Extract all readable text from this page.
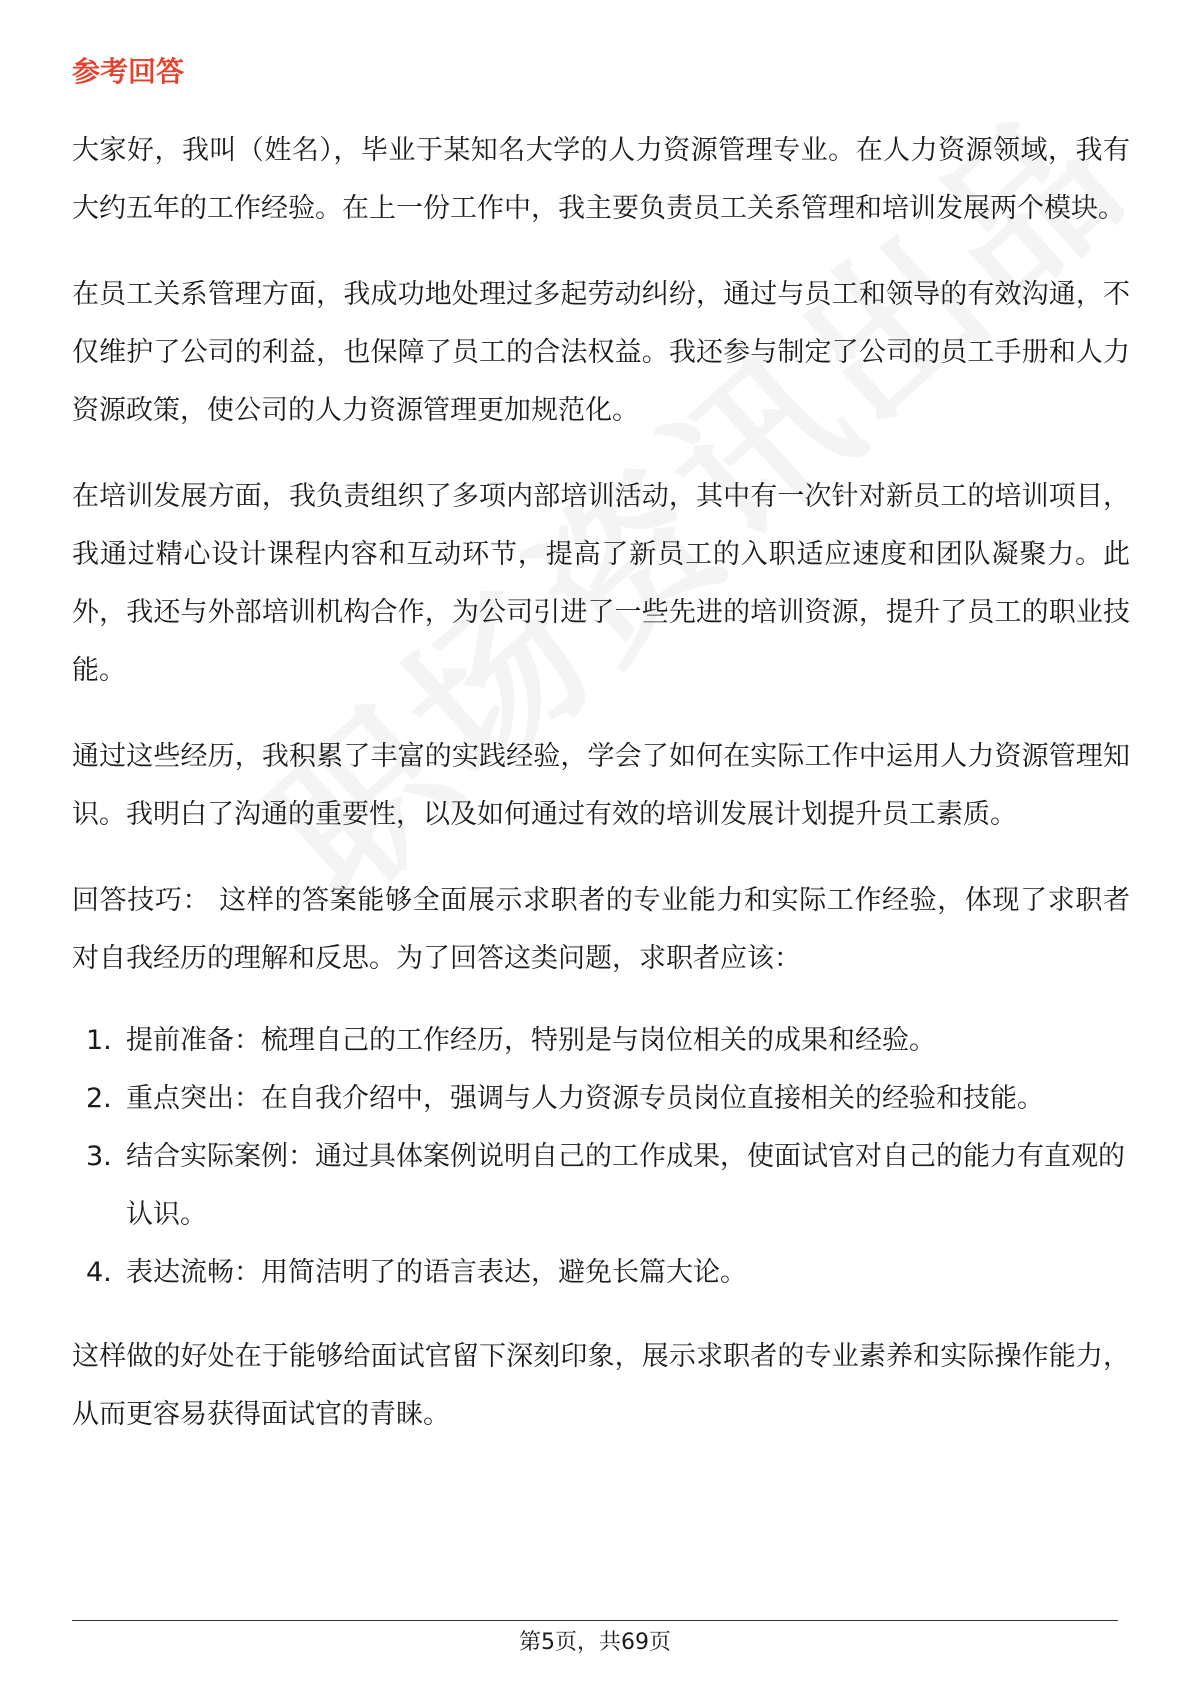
参考回答

大家好，我叫（姓名），毕业于某知名大学的人力资源管理专业。在人力资源领域，我有大约五年的工作经验。在上一份工作中，我主要负责员工关系管理和培训发展两个模块。

在员工关系管理方面，我成功地处理过多起劳动纠纷，通过与员工和领导的有效沟通，不仅维护了公司的利益，也保障了员工的合法权益。我还参与制定了公司的员工手册和人力资源政策，使公司的人力资源管理更加规范化。

在培训发展方面，我负责组织了多项内部培训活动，其中有一次针对新员工的培训项目，我通过精心设计课程内容和互动环节，提高了新员工的入职适应速度和团队凝聚力。此外，我还与外部培训机构合作，为公司引进了一些先进的培训资源，提升了员工的职业技能。

通过这些经历，我积累了丰富的实践经验，学会了如何在实际工作中运用人力资源管理知识。我明白了沟通的重要性，以及如何通过有效的培训发展计划提升员工素质。

回答技巧： 这样的答案能够全面展示求职者的专业能力和实际工作经验，体现了求职者对自我经历的理解和反思。为了回答这类问题，求职者应该：

1. 提前准备：梳理自己的工作经历，特别是与岗位相关的成果和经验。
2. 重点突出：在自我介绍中，强调与人力资源专员岗位直接相关的经验和技能。
3. 结合实际案例：通过具体案例说明自己的工作成果，使面试官对自己的能力有直观的认识。
4. 表达流畅：用简洁明了的语言表达，避免长篇大论。

这样做的好处在于能够给面试官留下深刻印象，展示求职者的专业素养和实际操作能力，从而更容易获得面试官的青睐。

第5页，共69页
